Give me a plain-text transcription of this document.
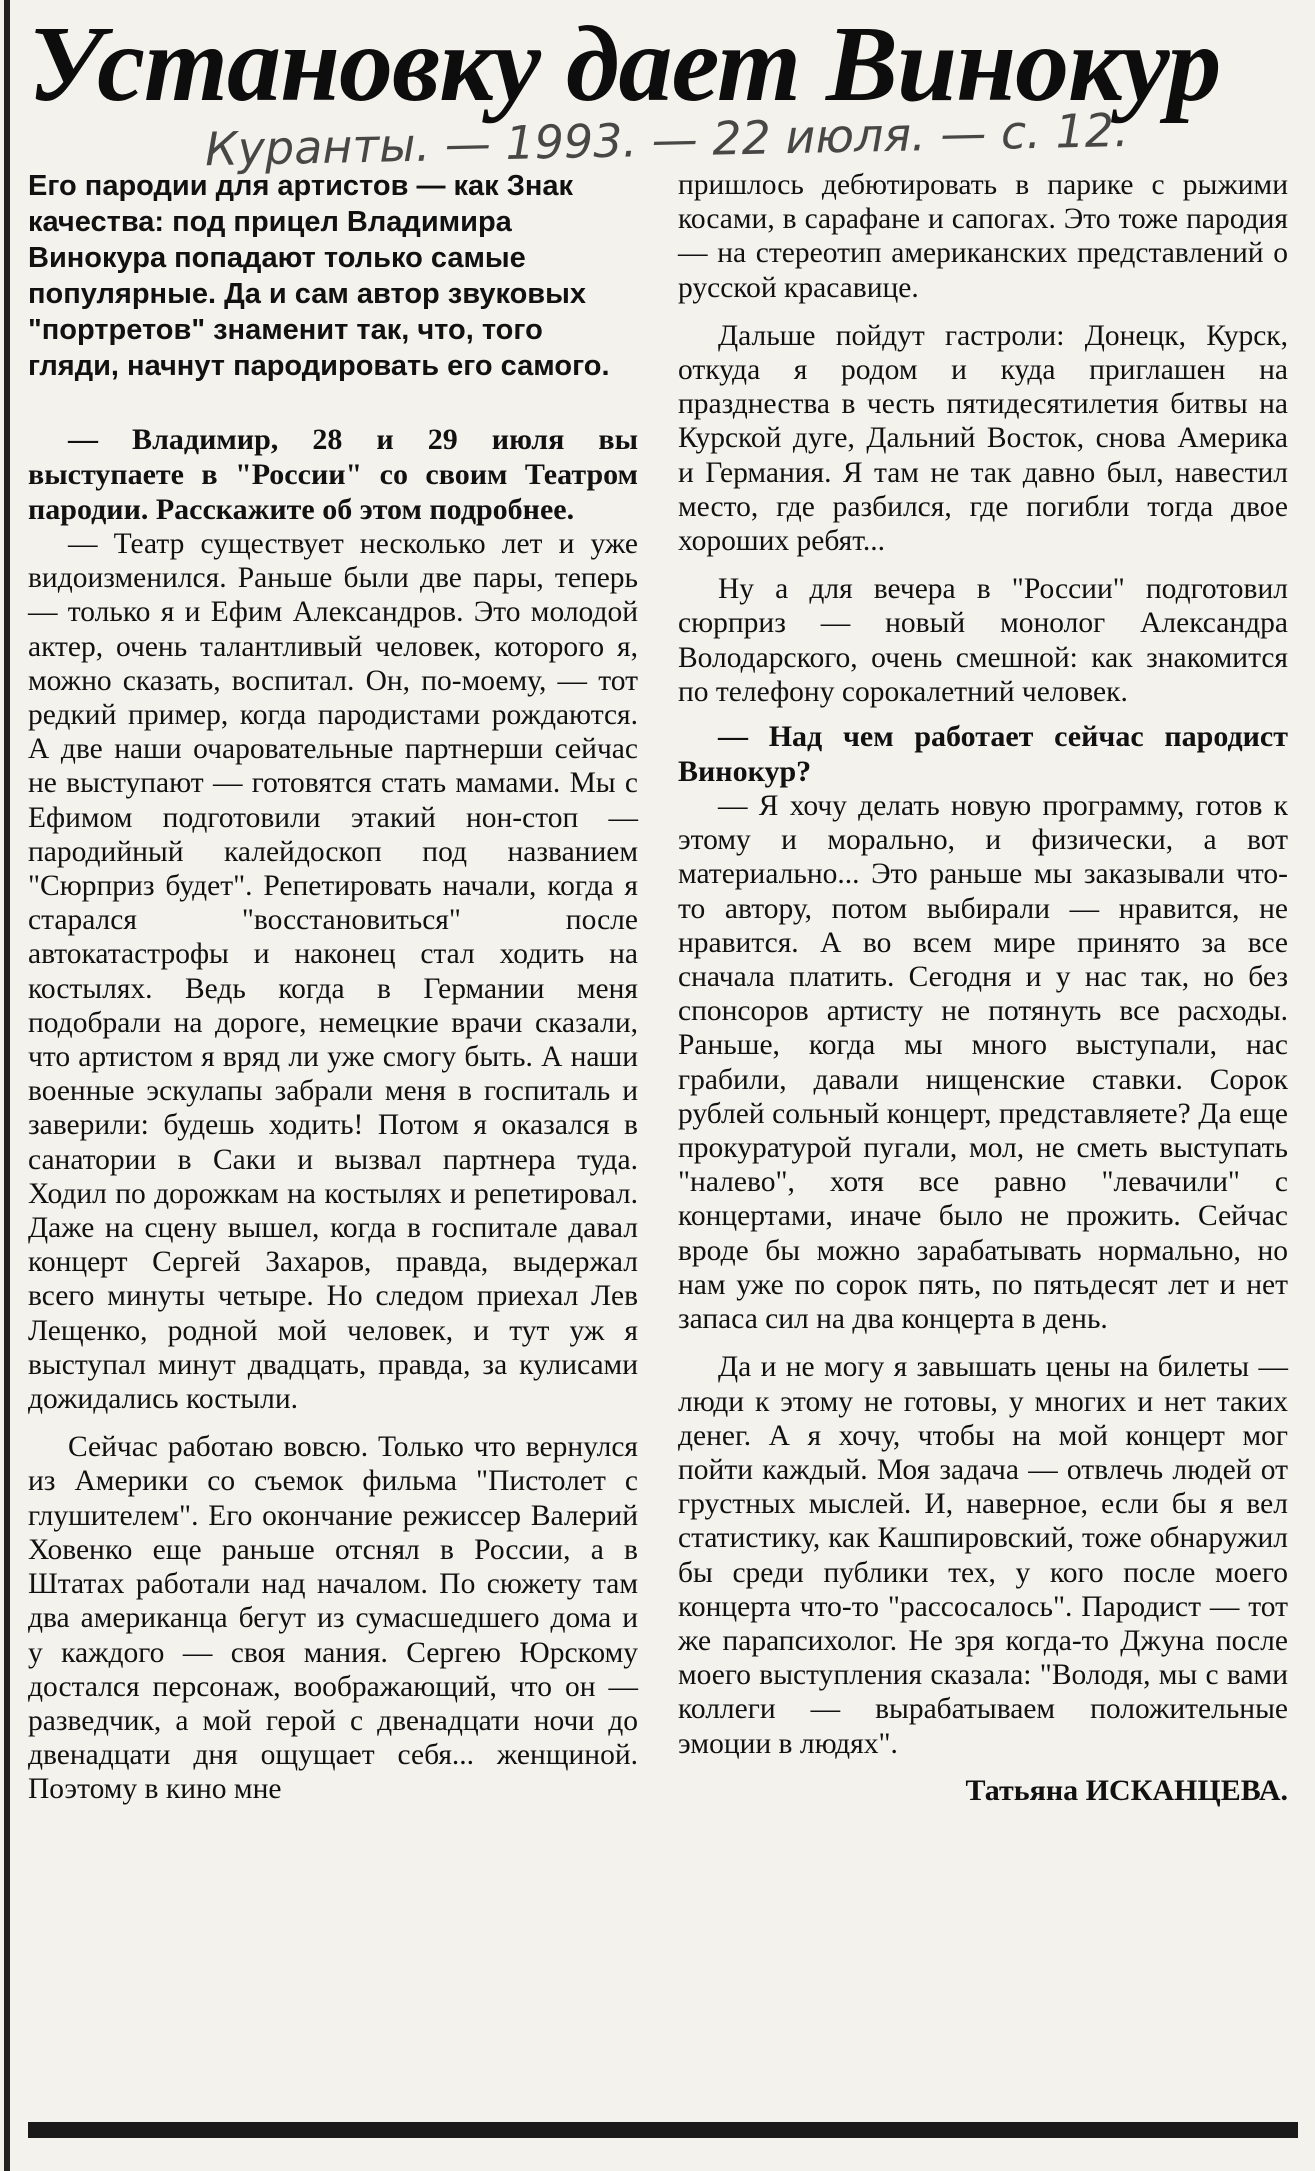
Установку дает Винокур
Куранты. — 1993. — 22 июля. — с. 12.

Его пародии для артистов — как Знак качества: под прицел Владимира Винокура попадают только самые популярные. Да и сам автор звуковых "портретов" знаменит так, что, того гляди, начнут пародировать его самого.

— Владимир, 28 и 29 июля вы выступаете в "России" со своим Театром пародии. Расскажите об этом подробнее.

— Театр существует несколько лет и уже видоизменился. Раньше были две пары, теперь — только я и Ефим Александров. Это молодой актер, очень талантливый человек, которого я, можно сказать, воспитал. Он, по-моему, — тот редкий пример, когда пародистами рождаются. А две наши очаровательные партнерши сейчас не выступают — готовятся стать мамами. Мы с Ефимом подготовили этакий нон-стоп — пародийный калейдоскоп под названием "Сюрприз будет". Репетировать начали, когда я старался "восстановиться" после автокатастрофы и наконец стал ходить на костылях. Ведь когда в Германии меня подобрали на дороге, немецкие врачи сказали, что артистом я вряд ли уже смогу быть. А наши военные эскулапы забрали меня в госпиталь и заверили: будешь ходить! Потом я оказался в санатории в Саки и вызвал партнера туда. Ходил по дорожкам на костылях и репетировал. Даже на сцену вышел, когда в госпитале давал концерт Сергей Захаров, правда, выдержал всего минуты четыре. Но следом приехал Лев Лещенко, родной мой человек, и тут уж я выступал минут двадцать, правда, за кулисами дожидались костыли.

Сейчас работаю вовсю. Только что вернулся из Америки со съемок фильма "Пистолет с глушителем". Его окончание режиссер Валерий Ховенко еще раньше отснял в России, а в Штатах работали над началом. По сюжету там два американца бегут из сумасшедшего дома и у каждого — своя мания. Сергею Юрскому достался персонаж, воображающий, что он — разведчик, а мой герой с двенадцати ночи до двенадцати дня ощущает себя... женщиной. Поэтому в кино мне

пришлось дебютировать в парике с рыжими косами, в сарафане и сапогах. Это тоже пародия — на стереотип американских представлений о русской красавице.

Дальше пойдут гастроли: Донецк, Курск, откуда я родом и куда приглашен на празднества в честь пятидесятилетия битвы на Курской дуге, Дальний Восток, снова Америка и Германия. Я там не так давно был, навестил место, где разбился, где погибли тогда двое хороших ребят...

Ну а для вечера в "России" подготовил сюрприз — новый монолог Александра Володарского, очень смешной: как знакомится по телефону сорокалетний человек.

— Над чем работает сейчас пародист Винокур?

— Я хочу делать новую программу, готов к этому и морально, и физически, а вот материально... Это раньше мы заказывали что-то автору, потом выбирали — нравится, не нравится. А во всем мире принято за все сначала платить. Сегодня и у нас так, но без спонсоров артисту не потянуть все расходы. Раньше, когда мы много выступали, нас грабили, давали нищенские ставки. Сорок рублей сольный концерт, представляете? Да еще прокуратурой пугали, мол, не сметь выступать "налево", хотя все равно "левачили" с концертами, иначе было не прожить. Сейчас вроде бы можно зарабатывать нормально, но нам уже по сорок пять, по пятьдесят лет и нет запаса сил на два концерта в день.

Да и не могу я завышать цены на билеты — люди к этому не готовы, у многих и нет таких денег. А я хочу, чтобы на мой концерт мог пойти каждый. Моя задача — отвлечь людей от грустных мыслей. И, наверное, если бы я вел статистику, как Кашпировский, тоже обнаружил бы среди публики тех, у кого после моего концерта что-то "рассосалось". Пародист — тот же парапсихолог. Не зря когда-то Джуна после моего выступления сказала: "Володя, мы с вами коллеги — вырабатываем положительные эмоции в людях".

Татьяна ИСКАНЦЕВА.
